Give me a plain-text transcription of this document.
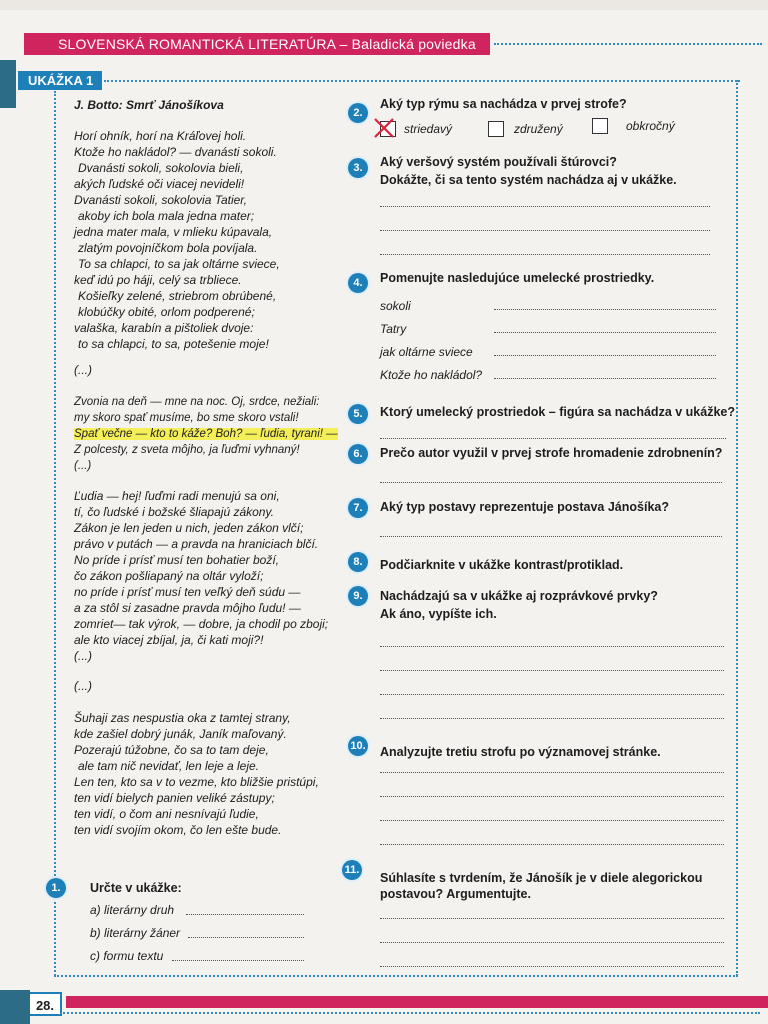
SLOVENSKÁ ROMANTICKÁ LITERATÚRA – Baladická poviedka
UKÁŽKA 1
J. Botto: Smrť Jánošíkova
Horí ohník, horí na Kráľovej holi.
Ktože ho nakládol? — dvanásti sokoli.
Dvanásti sokoli, sokolovia bieli,
akých ľudské oči viacej nevideli!
Dvanásti sokoli, sokolovia Tatier,
akoby ich bola mala jedna mater;
jedna mater mala, v mlieku kúpavala,
zlatým povojníčkom bola povíjala.
To sa chlapci, to sa jak oltárne sviece,
keď idú po háji, celý sa trbliece.
Košieľky zelené, striebrom obrúbené,
klobúčky obité, orlom podperené;
valaška, karabín a pištoliek dvoje:
to sa chlapci, to sa, potešenie moje!
(...)
Zvonia na deň — mne na noc. Oj, srdce, nežiali:
my skoro spať musíme, bo sme skoro vstali!
Spať večne — kto to káže? Boh? — ľudia, tyrani! —
Z polcesty, z sveta môjho, ja ľuďmi vyhnaný!
(...)
Ľudia — hej! ľuďmi radi menujú sa oni,
tí, čo ľudské i božské šliapajú zákony.
Zákon je len jeden u nich, jeden zákon vlčí;
právo v putách — a pravda na hraniciach blčí.
No príde i prísť musí ten bohatier boží,
čo zákon pošliapaný na oltár vyloží;
no príde i prísť musí ten veľký deň súdu —
a za stôl si zasadne pravda môjho ľudu! —
zomriet— tak výrok, — dobre, ja chodil po zboji;
ale kto viacej zbíjal, ja, či kati moji?!
(...)
(...)
Šuhaji zas nespustia oka z tamtej strany,
kde zašiel dobrý junák, Janík maľovaný.
Pozerajú túžobne, čo sa to tam deje,
ale tam nič nevidať, len leje a leje.
Len ten, kto sa v to vezme, kto bližšie pristúpi,
ten vidí bielych panien veliké zástupy;
ten vidí, o čom ani nesnívajú ľudie,
ten vidí svojím okom, čo len ešte bude.
1.	Určte v ukážke:
a) literárny druh
b) literárny žáner
c) formu textu
2.
Aký typ rýmu sa nachádza v prvej strofe?
striedavý	združený	obkročný
3.	Aký veršový systém používali štúrovci?
Dokážte, či sa tento systém nachádza aj v ukážke.
4.	Pomenujte nasledujúce umelecké prostriedky.
sokoli
Tatry
jak oltárne sviece
Ktože ho nakládol?
5.	Ktorý umelecký prostriedok – figúra sa nachádza v ukážke?
6.	Prečo autor využil v prvej strofe hromadenie zdrobnenín?
7.	Aký typ postavy reprezentuje postava Jánošíka?
8.	Podčiarknite v ukážke kontrast/protiklad.
9.	Nachádzajú sa v ukážke aj rozprávkové prvky?
Ak áno, vypíšte ich.
10. Analyzujte tretiu strofu po významovej stránke.
11.
Súhlasíte s tvrdením, že Jánošík je v diele alegorickou
postavou? Argumentujte.
28.
